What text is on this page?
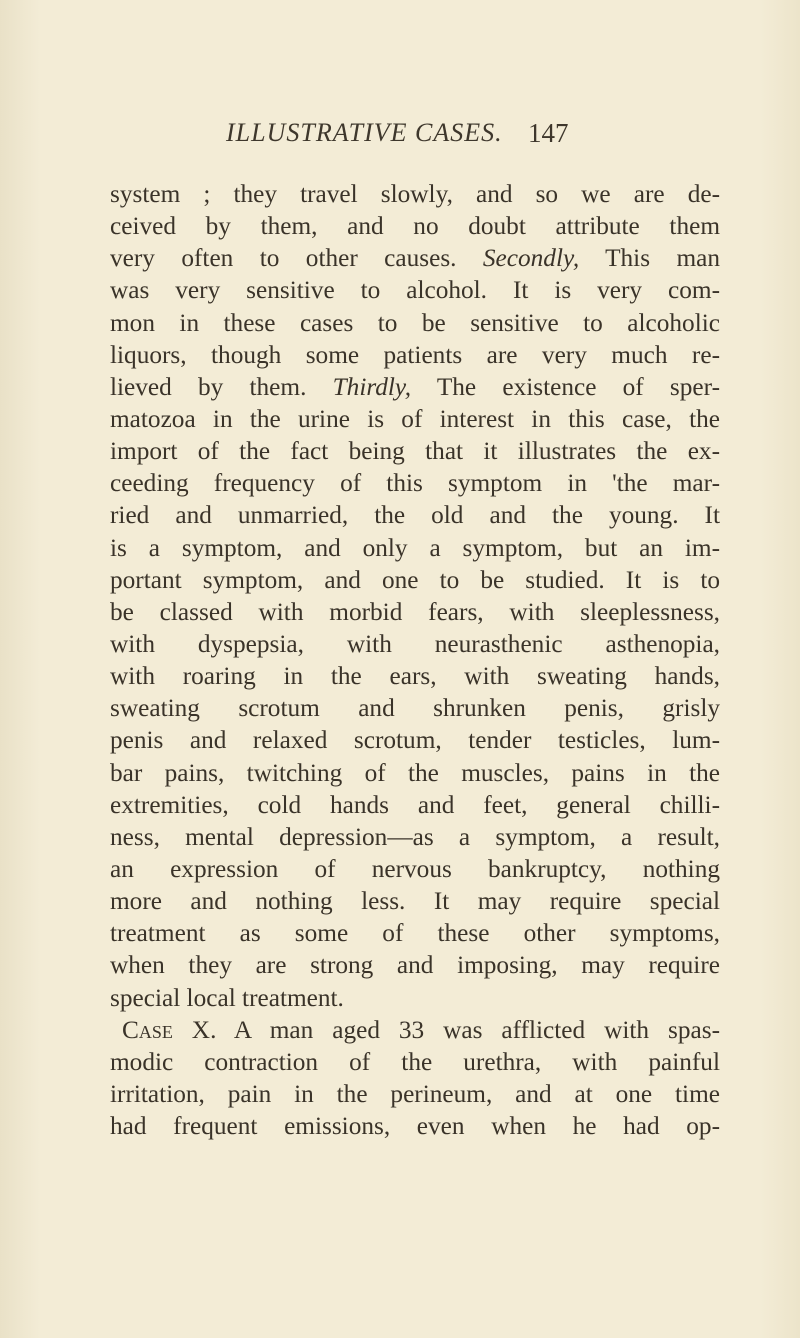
ILLUSTRATIVE CASES. 147
system ; they travel slowly, and so we are de-
ceived by them, and no doubt attribute them
very often to other causes. Secondly, This man
was very sensitive to alcohol. It is very com-
mon in these cases to be sensitive to alcoholic
liquors, though some patients are very much re-
lieved by them. Thirdly, The existence of sper-
matozoa in the urine is of interest in this case, the
import of the fact being that it illustrates the ex-
ceeding frequency of this symptom in 'the mar-
ried and unmarried, the old and the young. It
is a symptom, and only a symptom, but an im-
portant symptom, and one to be studied. It is to
be classed with morbid fears, with sleeplessness,
with dyspepsia, with neurasthenic asthenopia,
with roaring in the ears, with sweating hands,
sweating scrotum and shrunken penis, grisly
penis and relaxed scrotum, tender testicles, lum-
bar pains, twitching of the muscles, pains in the
extremities, cold hands and feet, general chilli-
ness, mental depression—as a symptom, a result,
an expression of nervous bankruptcy, nothing
more and nothing less. It may require special
treatment as some of these other symptoms,
when they are strong and imposing, may require
special local treatment.
Case X. A man aged 33 was afflicted with spas-
modic contraction of the urethra, with painful
irritation, pain in the perineum, and at one time
had frequent emissions, even when he had op-
